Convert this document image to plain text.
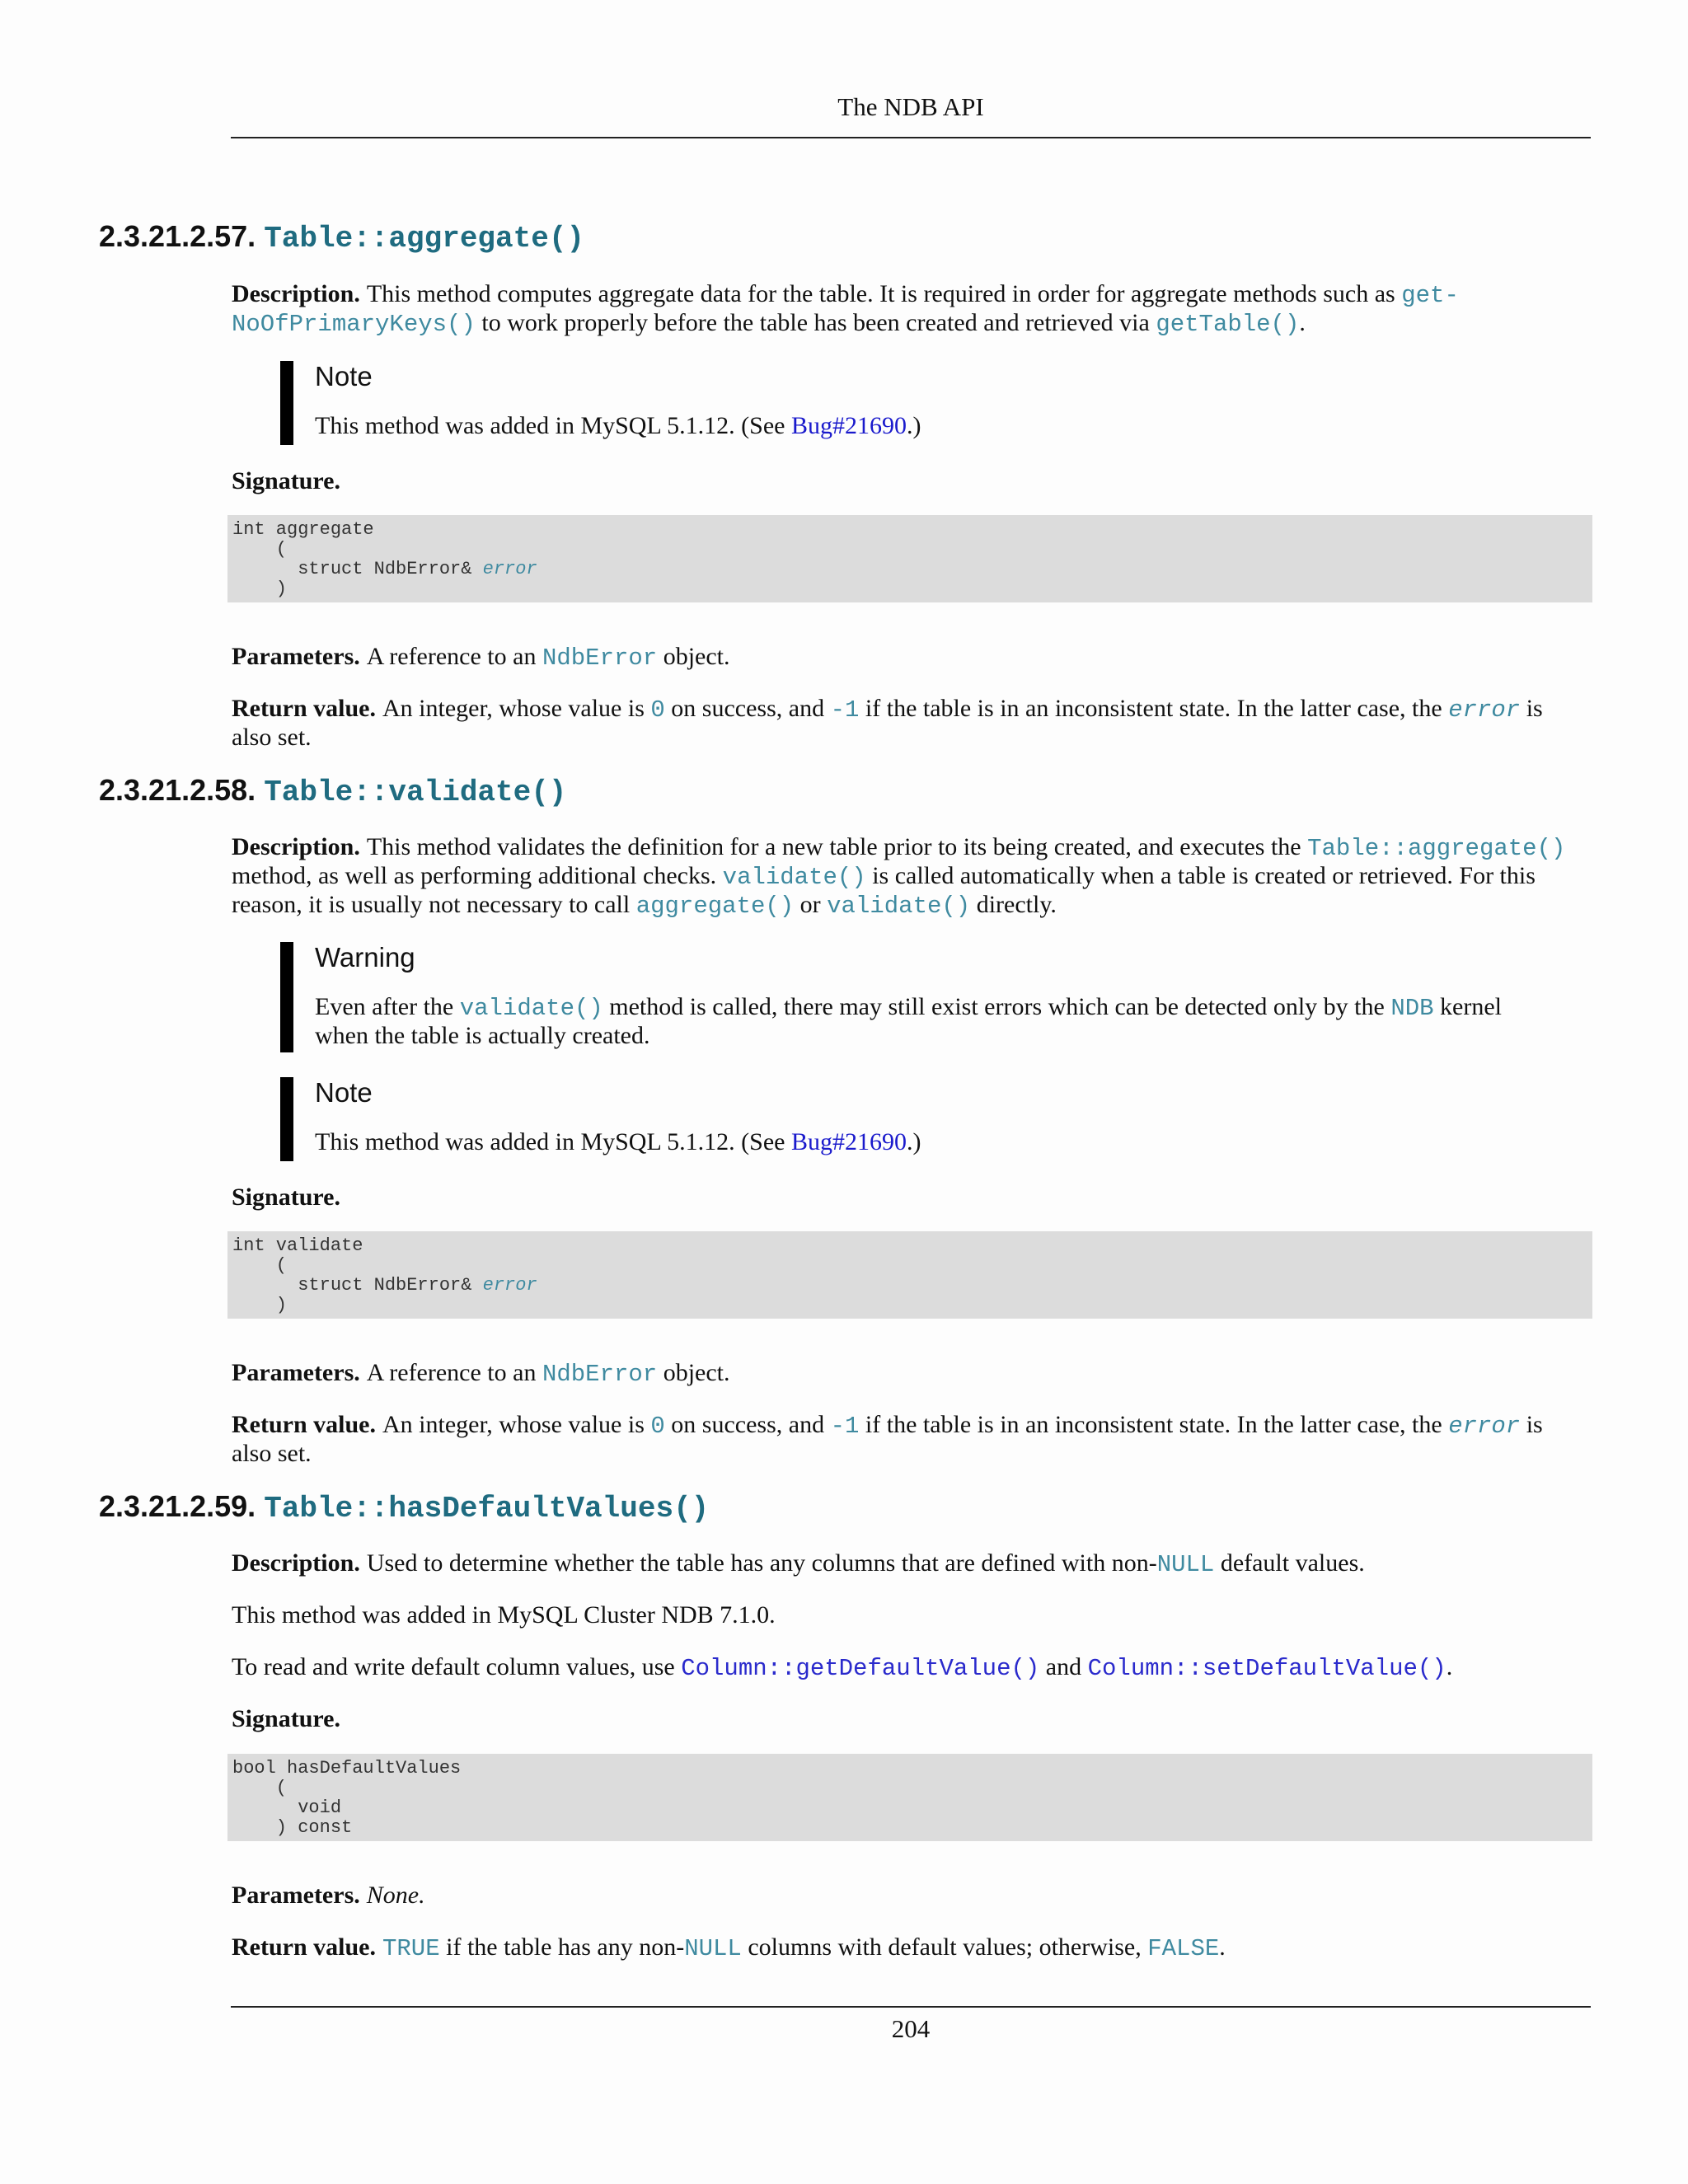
The NDB API
2.3.21.2.57. Table::aggregate()

Description. This method computes aggregate data for the table. It is required in order for aggregate methods such as get-
NoOfPrimaryKeys() to work properly before the table has been created and retrieved via getTable().

Note
This method was added in MySQL 5.1.12. (See Bug#21690.)

Signature.

int aggregate
(
struct NdbError& error
)

Parameters. A reference to an NdbError object.

Return value. An integer, whose value is 0 on success, and -1 if the table is in an inconsistent state. In the latter case, the error is
also set.

2.3.21.2.58. Table::validate()

Description. This method validates the definition for a new table prior to its being created, and executes the Table::aggregate()
method, as well as performing additional checks. validate() is called automatically when a table is created or retrieved. For this
reason, it is usually not necessary to call aggregate() or validate() directly.

Warning
Even after the validate() method is called, there may still exist errors which can be detected only by the NDB kernel
when the table is actually created.
Note
This method was added in MySQL 5.1.12. (See Bug#21690.)

Signature.

int validate
(
struct NdbError& error
)

Parameters. A reference to an NdbError object.

Return value. An integer, whose value is 0 on success, and -1 if the table is in an inconsistent state. In the latter case, the error is
also set.

2.3.21.2.59. Table::hasDefaultValues()

Description. Used to determine whether the table has any columns that are defined with non-NULL default values.

This method was added in MySQL Cluster NDB 7.1.0.

To read and write default column values, use Column::getDefaultValue() and Column::setDefaultValue().

Signature.

bool hasDefaultValues
(
void
) const

Parameters. None.

Return value. TRUE if the table has any non-NULL columns with default values; otherwise, FALSE.

204
